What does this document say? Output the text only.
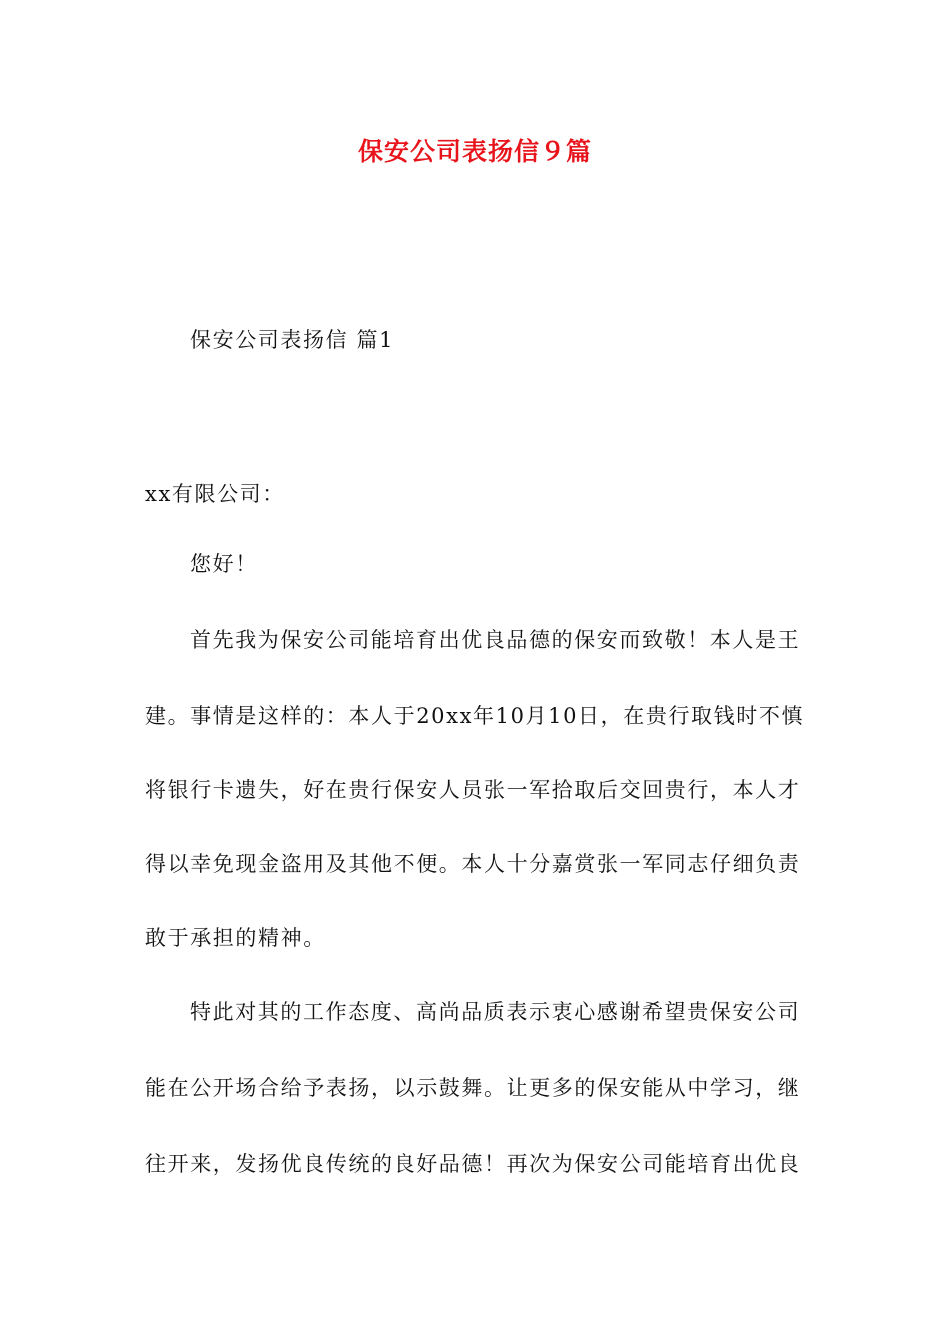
保安公司表扬信９篇
保安公司表扬信 篇1
xx有限公司：
您好！
首先我为保安公司能培育出优良品德的保安而致敬！本人是王
建。事情是这样的：本人于20xx年10月10日，在贵行取钱时不慎
将银行卡遗失，好在贵行保安人员张一军拾取后交回贵行，本人才
得以幸免现金盗用及其他不便。本人十分嘉赏张一军同志仔细负责
敢于承担的精神。
特此对其的工作态度、高尚品质表示衷心感谢希望贵保安公司
能在公开场合给予表扬，以示鼓舞。让更多的保安能从中学习，继
往开来，发扬优良传统的良好品德！再次为保安公司能培育出优良
